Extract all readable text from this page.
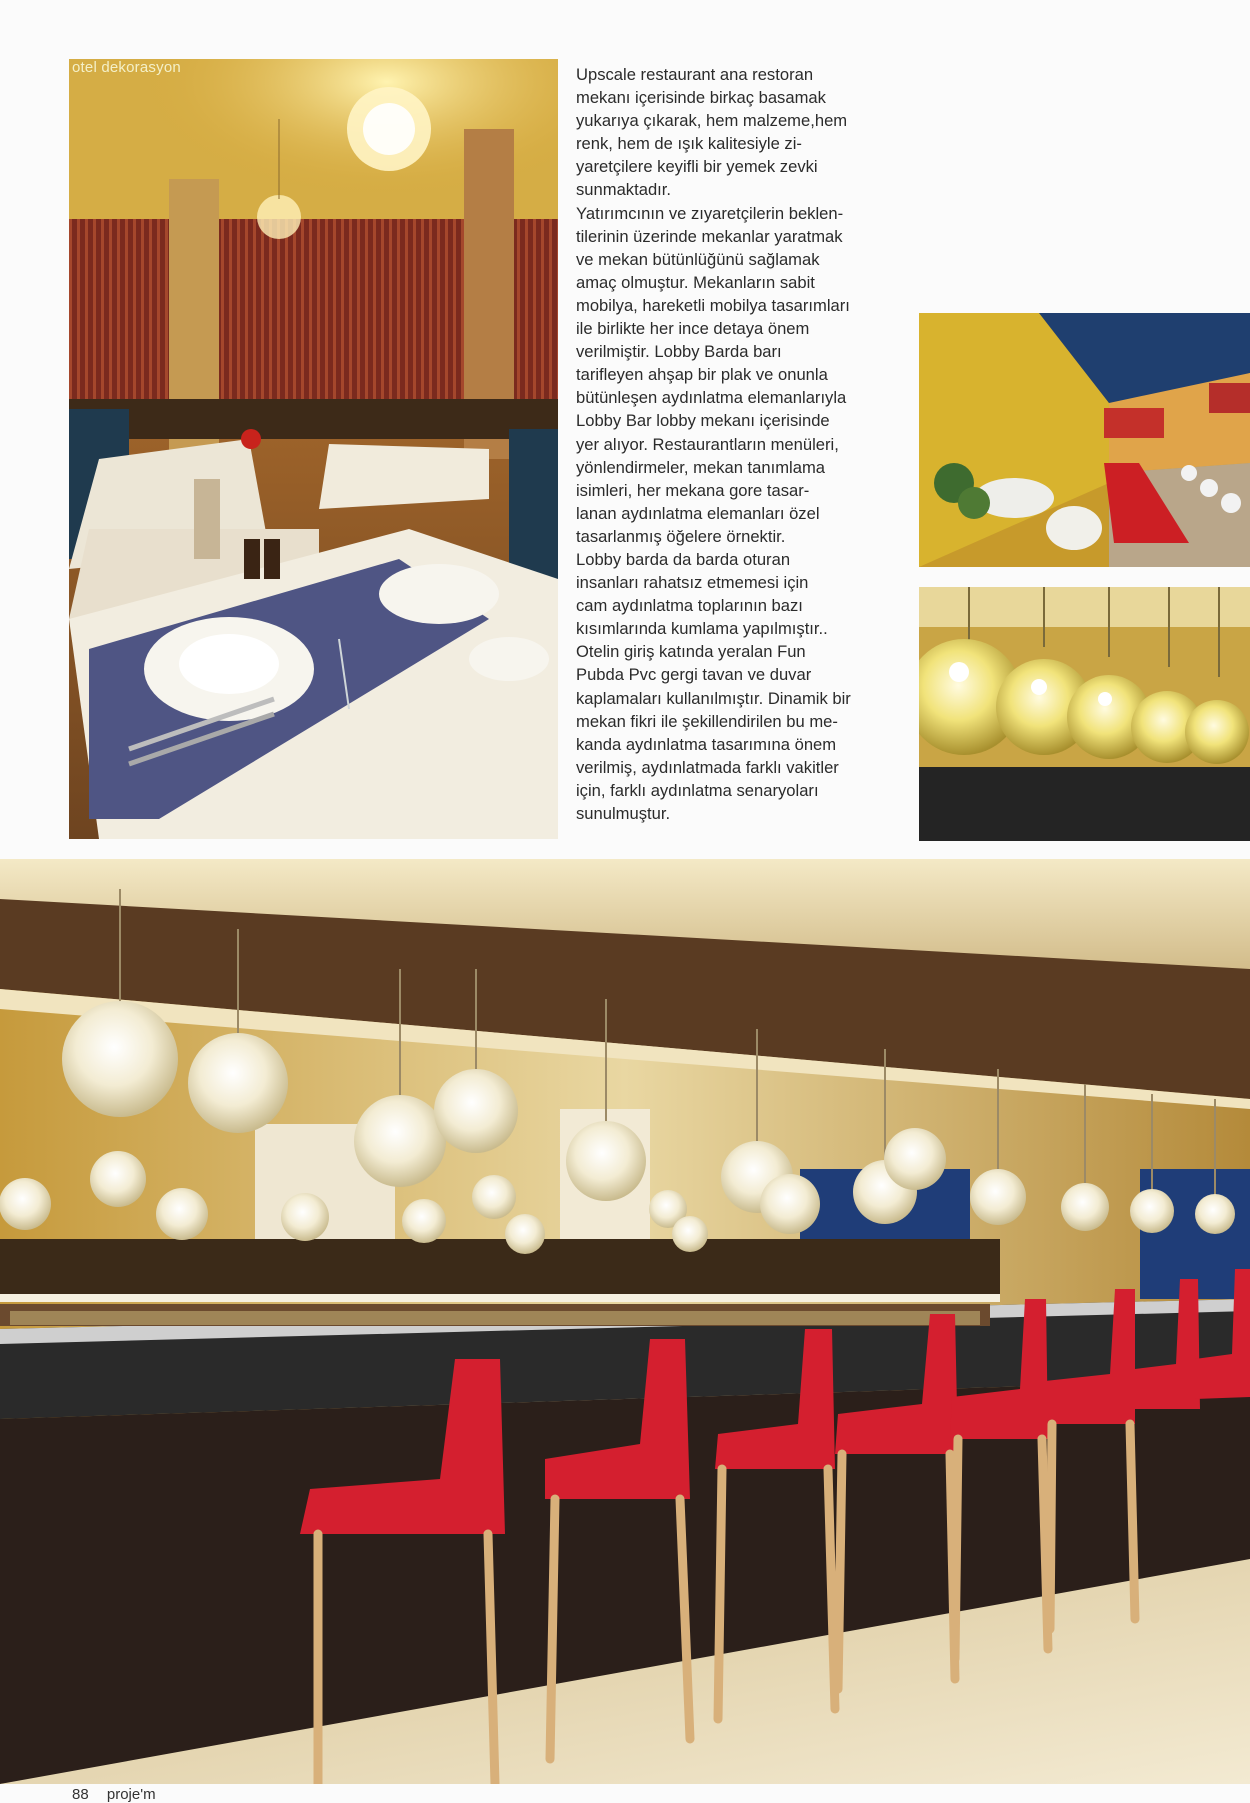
otel dekorasyon	Upscale restaurant ana restoran
mekanı içerisinde birkaç basamak
yukarıya çıkarak, hem malzeme,hem
renk, hem de ışık kalitesiyle zi-
yaretçilere keyifli bir yemek zevki
sunmaktadır.
Yatırımcının ve zıyaretçilerin beklen-
tilerinin üzerinde mekanlar yaratmak
ve mekan bütünlüğünü sağlamak
amaç olmuştur. Mekanların sabit
mobilya, hareketli mobilya tasarımları
ile birlikte her ince detaya önem
verilmiştir. Lobby Barda barı
tarifleyen ahşap bir plak ve onunla
bütünleşen aydınlatma elemanlarıyla
Lobby Bar lobby mekanı içerisinde
yer alıyor. Restaurantların menüleri,
yönlendirmeler, mekan tanımlama
isimleri, her mekana gore tasar-
lanan aydınlatma elemanları özel
tasarlanmış öğelere örnektir.
Lobby barda da barda oturan
insanları rahatsız etmemesi için
cam aydınlatma toplarının bazı
kısımlarında kumlama yapılmıştır..
Otelin giriş katında yeralan Fun
Pubda Pvc gergi tavan ve duvar
kaplamaları kullanılmıştır. Dinamik bir
mekan fikri ile şekillendirilen bu me-
kanda aydınlatma tasarımına önem
verilmiş, aydınlatmada farklı vakitler
için, farklı aydınlatma senaryoları
sunulmuştur.
88 proje'm
